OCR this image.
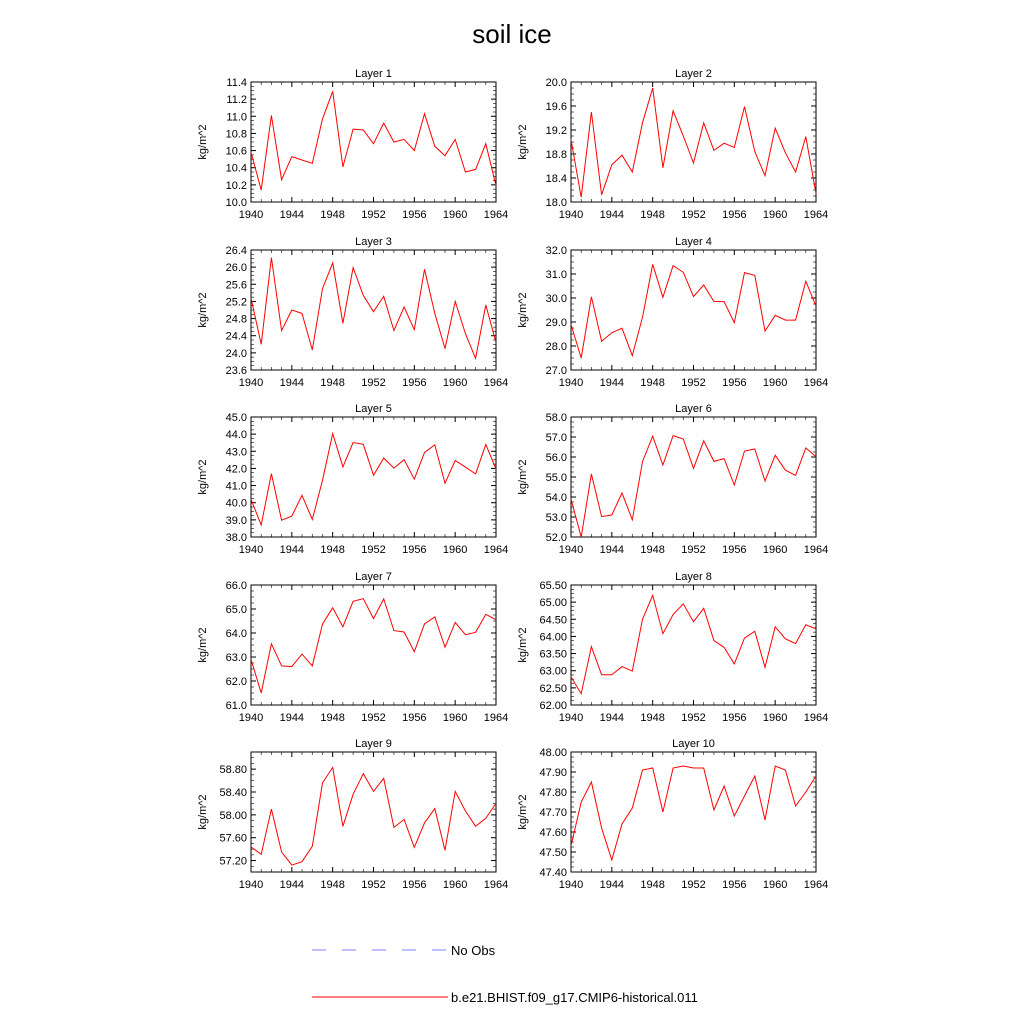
soil ice
Layer 1
kg/m^2
10.0
10.2
10.4
10.6
10.8
11.0
11.2
11.4
1940 1944 1948 1952 1956 1960 1964
Layer 2
kg/m^2
18.0
18.4
18.8
19.2
19.6
20.0
1940 1944 1948 1952 1956 1960 1964
Layer 3
kg/m^2
23.6
24.0
24.4
24.8
25.2
25.6
26.0
26.4
1940 1944 1948 1952 1956 1960 1964
Layer 4
kg/m^2
27.0
28.0
29.0
30.0
31.0
32.0
1940 1944 1948 1952 1956 1960 1964
Layer 5
kg/m^2
38.0
39.0
40.0
41.0
42.0
43.0
44.0
45.0
1940 1944 1948 1952 1956 1960 1964
Layer 6
kg/m^2
52.0
53.0
54.0
55.0
56.0
57.0
58.0
1940 1944 1948 1952 1956 1960 1964
Layer 7
kg/m^2
61.0
62.0
63.0
64.0
65.0
66.0
1940 1944 1948 1952 1956 1960 1964
Layer 8
kg/m^2
62.00
62.50
63.00
63.50
64.00
64.50
65.00
65.50
1940 1944 1948 1952 1956 1960 1964
Layer 9
kg/m^2
57.20
57.60
58.00
58.40
58.80
1940 1944 1948 1952 1956 1960 1964
Layer 10
kg/m^2
47.40
47.50
47.60
47.70
47.80
47.90
48.00
1940 1944 1948 1952 1956 1960 1964
No Obs
b.e21.BHIST.f09_g17.CMIP6-historical.011
